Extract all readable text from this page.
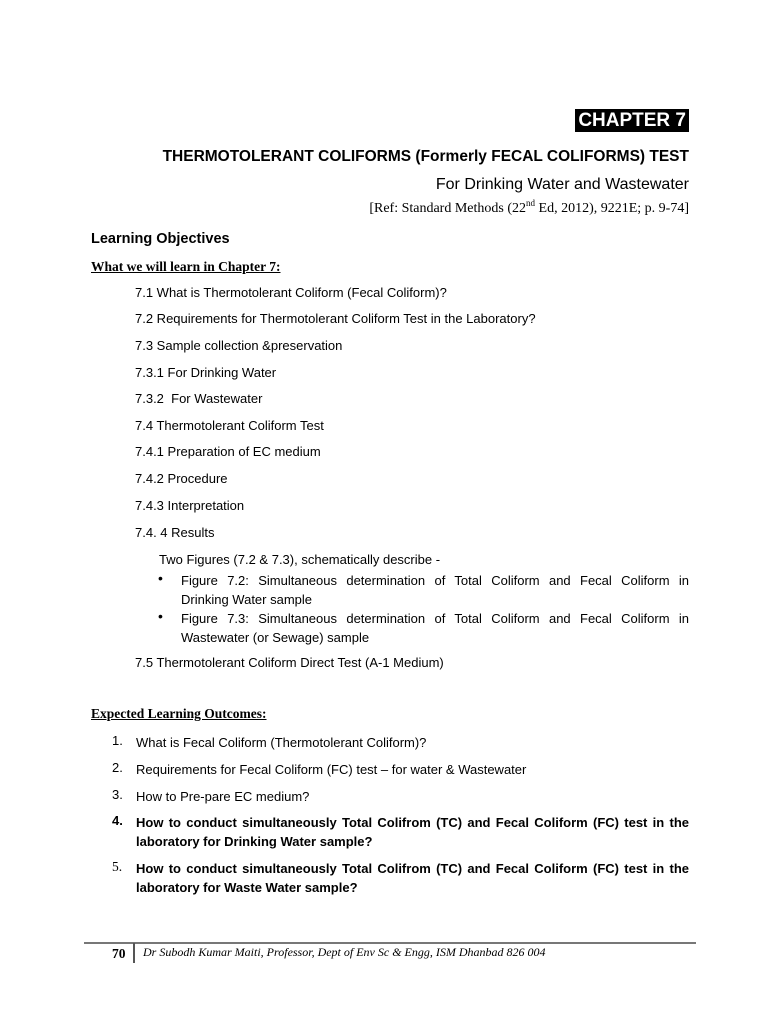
CHAPTER 7
THERMOTOLERANT COLIFORMS (Formerly FECAL COLIFORMS) TEST
For Drinking Water and Wastewater
[Ref: Standard Methods (22nd Ed, 2012), 9221E; p. 9-74]
Learning Objectives
What we will learn in Chapter 7:
7.1 What is Thermotolerant Coliform (Fecal Coliform)?
7.2 Requirements for Thermotolerant Coliform Test in the Laboratory?
7.3 Sample collection &preservation
7.3.1 For Drinking Water
7.3.2  For Wastewater
7.4 Thermotolerant Coliform Test
7.4.1 Preparation of EC medium
7.4.2 Procedure
7.4.3 Interpretation
7.4. 4 Results
Two Figures (7.2 & 7.3), schematically describe -
• Figure 7.2: Simultaneous determination of Total Coliform and Fecal Coliform in
Drinking Water sample
• Figure 7.3: Simultaneous determination of Total Coliform and Fecal Coliform in
Wastewater (or Sewage) sample
7.5 Thermotolerant Coliform Direct Test (A-1 Medium)
Expected Learning Outcomes:
1. What is Fecal Coliform (Thermotolerant Coliform)?
2. Requirements for Fecal Coliform (FC) test – for water & Wastewater
3. How to Pre-pare EC medium?
4. How to conduct simultaneously Total Colifrom (TC) and Fecal Coliform (FC) test in the
laboratory for Drinking Water sample?
5. How to conduct simultaneously Total Colifrom (TC) and Fecal Coliform (FC) test in the
laboratory for Waste Water sample?
70 Dr Subodh Kumar Maiti, Professor, Dept of Env Sc & Engg, ISM Dhanbad 826 004
